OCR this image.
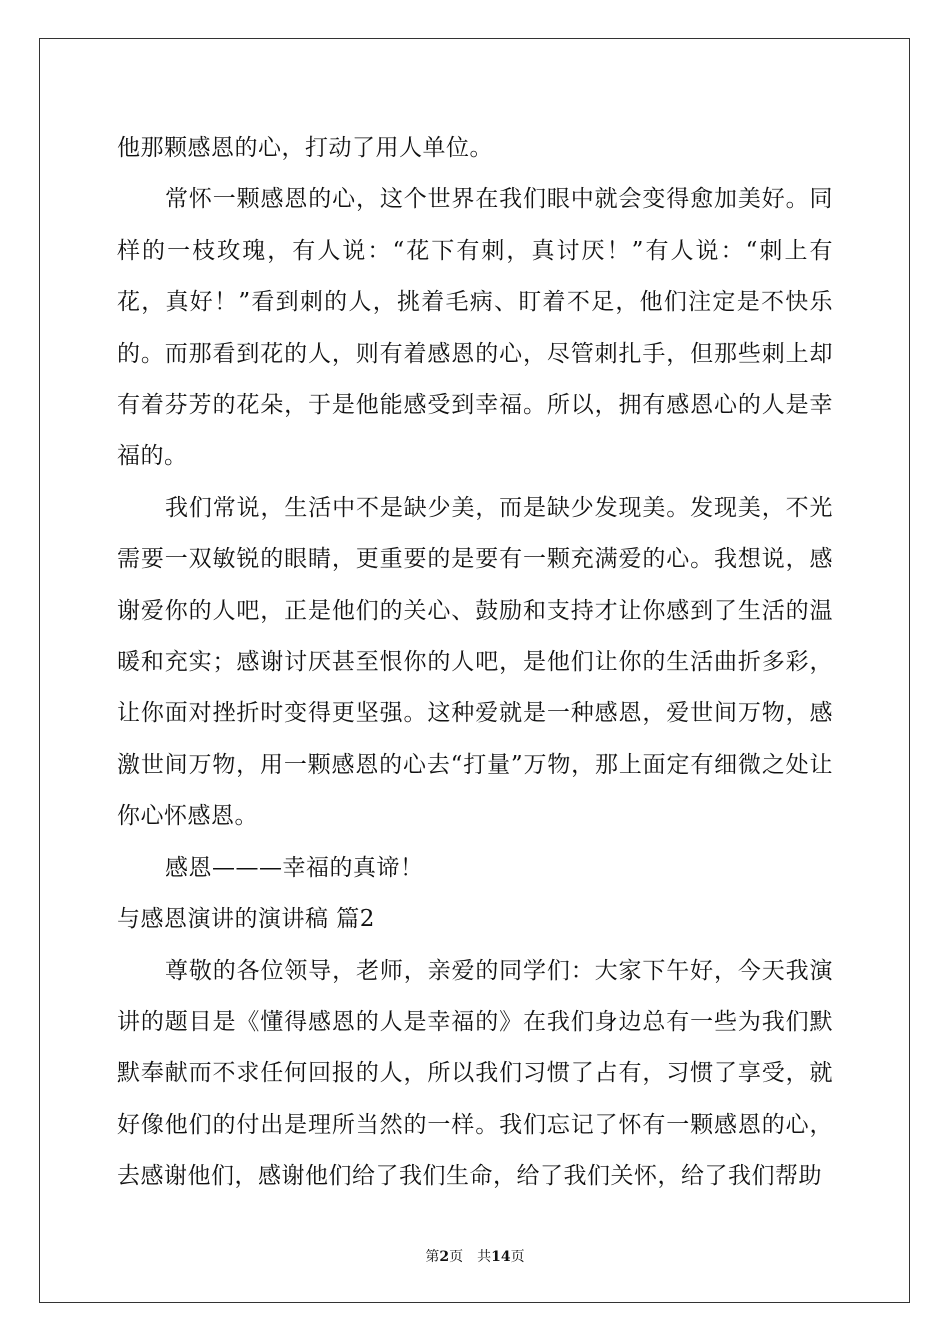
他那颗感恩的心，打动了用人单位。

常怀一颗感恩的心，这个世界在我们眼中就会变得愈加美好。同样的一枝玫瑰，有人说：“花下有刺，真讨厌！”有人说：“刺上有花，真好！”看到刺的人，挑着毛病、盯着不足，他们注定是不快乐的。而那看到花的人，则有着感恩的心，尽管刺扎手，但那些刺上却有着芬芳的花朵，于是他能感受到幸福。所以，拥有感恩心的人是幸福的。

我们常说，生活中不是缺少美，而是缺少发现美。发现美，不光需要一双敏锐的眼睛，更重要的是要有一颗充满爱的心。我想说，感谢爱你的人吧，正是他们的关心、鼓励和支持才让你感到了生活的温暖和充实；感谢讨厌甚至恨你的人吧，是他们让你的生活曲折多彩，让你面对挫折时变得更坚强。这种爱就是一种感恩，爱世间万物，感激世间万物，用一颗感恩的心去“打量”万物，那上面定有细微之处让你心怀感恩。

感恩———幸福的真谛！

与感恩演讲的演讲稿 篇2

尊敬的各位领导，老师，亲爱的同学们：大家下午好，今天我演讲的题目是《懂得感恩的人是幸福的》在我们身边总有一些为我们默默奉献而不求任何回报的人，所以我们习惯了占有，习惯了享受，就好像他们的付出是理所当然的一样。我们忘记了怀有一颗感恩的心，去感谢他们，感谢他们给了我们生命，给了我们关怀，给了我们帮助

第2页　共14页
